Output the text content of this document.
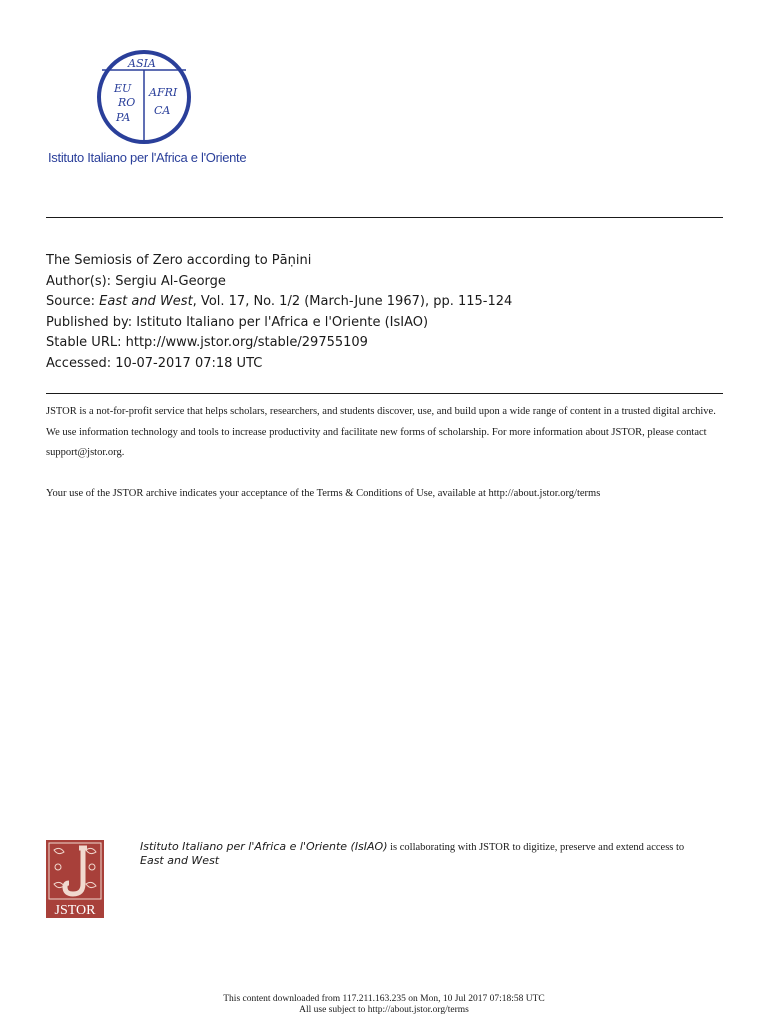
ASIA
EU
RO
PA
AFRI
CA
Istituto Italiano per l'Africa e l'Oriente
The Semiosis of Zero according to Pāṇini
Author(s): Sergiu Al-George
Source: East and West, Vol. 17, No. 1/2 (March-June 1967), pp. 115-124
Published by: Istituto Italiano per l'Africa e l'Oriente (IsIAO)
Stable URL: http://www.jstor.org/stable/29755109
Accessed: 10-07-2017 07:18 UTC

JSTOR is a not-for-profit service that helps scholars, researchers, and students discover, use, and build upon a wide range of content in a trusted digital archive. We use information technology and tools to increase productivity and facilitate new forms of scholarship. For more information about JSTOR, please contact support@jstor.org.

Your use of the JSTOR archive indicates your acceptance of the Terms & Conditions of Use, available at http://about.jstor.org/terms

JSTOR
Istituto Italiano per l'Africa e l'Oriente (IsIAO) is collaborating with JSTOR to digitize, preserve and extend access to East and West
This content downloaded from 117.211.163.235 on Mon, 10 Jul 2017 07:18:58 UTC
All use subject to http://about.jstor.org/terms
